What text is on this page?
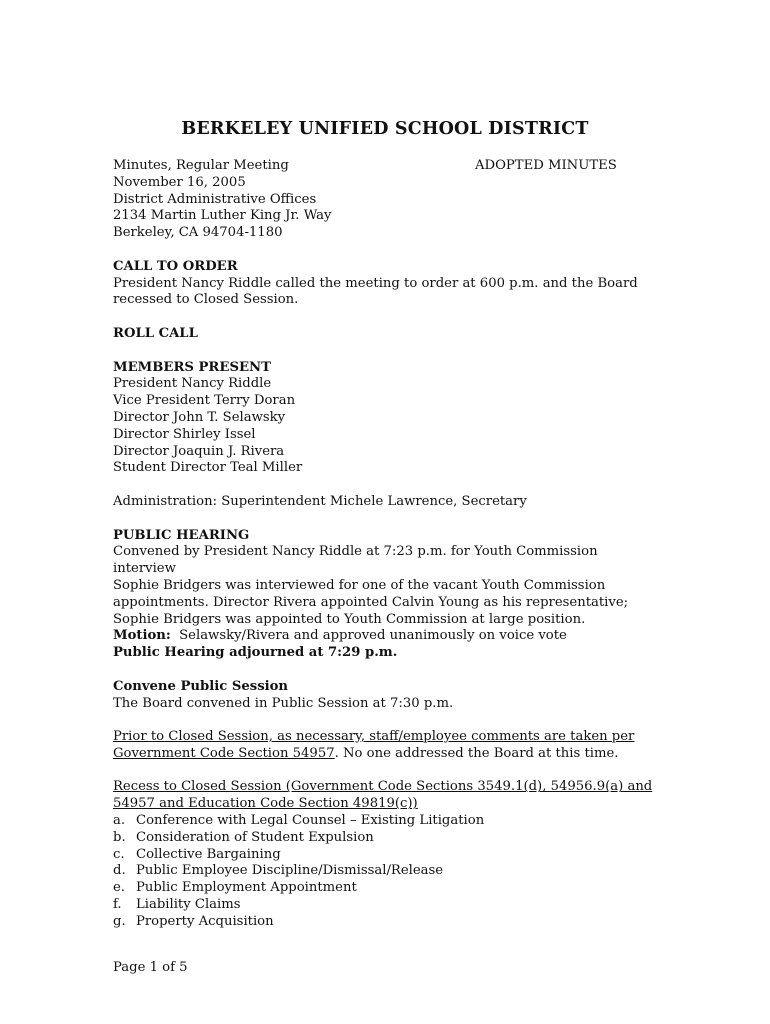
BERKELEY UNIFIED SCHOOL DISTRICT
ADOPTED MINUTES
Minutes, Regular Meeting
November 16, 2005
District Administrative Offices
2134 Martin Luther King Jr. Way
Berkeley, CA 94704-1180
CALL TO ORDER
President Nancy Riddle called the meeting to order at 600 p.m. and the Board
recessed to Closed Session.
ROLL CALL
MEMBERS PRESENT
President Nancy Riddle
Vice President Terry Doran
Director John T. Selawsky
Director Shirley Issel
Director Joaquin J. Rivera
Student Director Teal Miller
Administration: Superintendent Michele Lawrence, Secretary
PUBLIC HEARING
Convened by President Nancy Riddle at 7:23 p.m. for Youth Commission
interview
Sophie Bridgers was interviewed for one of the vacant Youth Commission
appointments. Director Rivera appointed Calvin Young as his representative;
Sophie Bridgers was appointed to Youth Commission at large position.
Motion:  Selawsky/Rivera and approved unanimously on voice vote
Public Hearing adjourned at 7:29 p.m.
Convene Public Session
The Board convened in Public Session at 7:30 p.m.
Prior to Closed Session, as necessary, staff/employee comments are taken per
Government Code Section 54957. No one addressed the Board at this time.
Recess to Closed Session (Government Code Sections 3549.1(d), 54956.9(a) and
54957 and Education Code Section 49819(c))
a. Conference with Legal Counsel – Existing Litigation
b. Consideration of Student Expulsion
c. Collective Bargaining
d. Public Employee Discipline/Dismissal/Release
e. Public Employment Appointment
f.	Liability Claims
g. Property Acquisition
Page 1 of 5
